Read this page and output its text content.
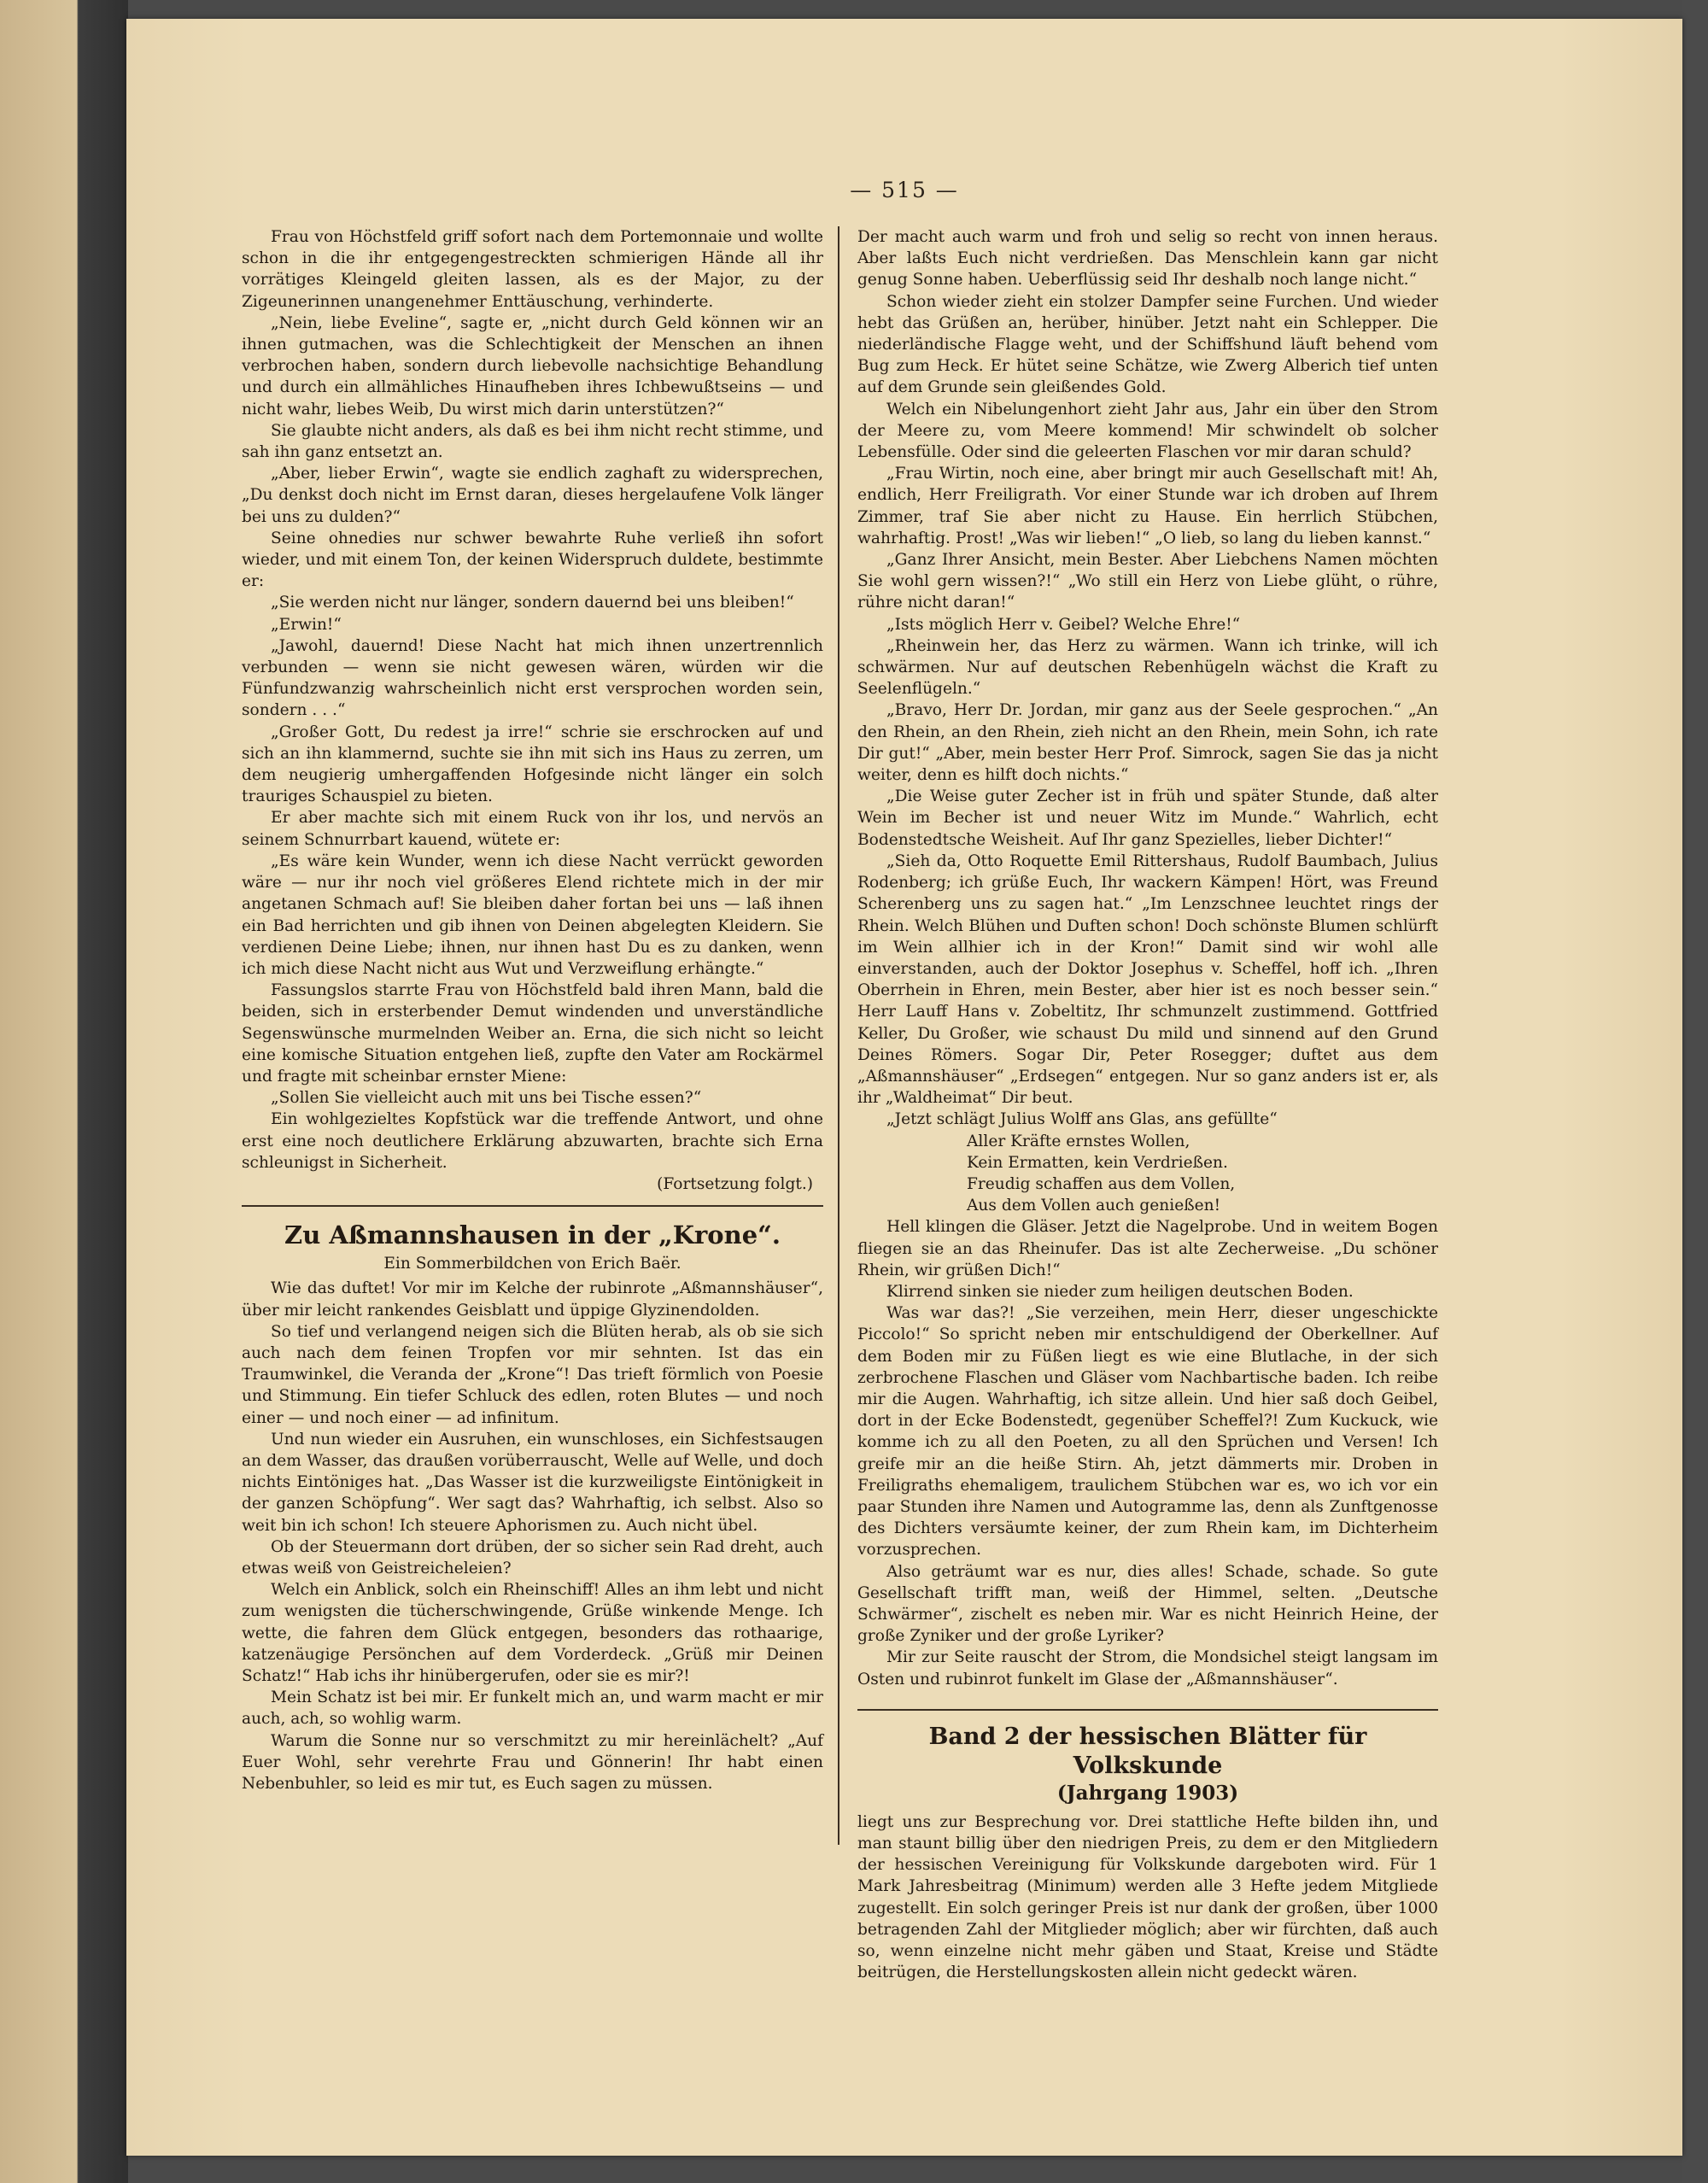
— 515 —

Frau von Höchstfeld griff sofort nach dem Portemonnaie und wollte schon in die ihr entgegengestreckten schmierigen Hände all ihr vorrätiges Kleingeld gleiten lassen, als es der Major, zu der Zigeunerinnen unangenehmer Enttäuschung, verhinderte.

„Nein, liebe Eveline“, sagte er, „nicht durch Geld können wir an ihnen gutmachen, was die Schlechtigkeit der Menschen an ihnen verbrochen haben, sondern durch liebevolle nachsichtige Behandlung und durch ein allmähliches Hinaufheben ihres Ichbewußtseins — und nicht wahr, liebes Weib, Du wirst mich darin unterstützen?“

Sie glaubte nicht anders, als daß es bei ihm nicht recht stimme, und sah ihn ganz entsetzt an.

„Aber, lieber Erwin“, wagte sie endlich zaghaft zu widersprechen, „Du denkst doch nicht im Ernst daran, dieses hergelaufene Volk länger bei uns zu dulden?“

Seine ohnedies nur schwer bewahrte Ruhe verließ ihn sofort wieder, und mit einem Ton, der keinen Widerspruch duldete, bestimmte er:

„Sie werden nicht nur länger, sondern dauernd bei uns bleiben!“

„Erwin!“

„Jawohl, dauernd! Diese Nacht hat mich ihnen unzertrennlich verbunden — wenn sie nicht gewesen wären, würden wir die Fünfundzwanzig wahrscheinlich nicht erst versprochen worden sein, sondern . . .“

„Großer Gott, Du redest ja irre!“ schrie sie erschrocken auf und sich an ihn klammernd, suchte sie ihn mit sich ins Haus zu zerren, um dem neugierig umhergaffenden Hofgesinde nicht länger ein solch trauriges Schauspiel zu bieten.

Er aber machte sich mit einem Ruck von ihr los, und nervös an seinem Schnurrbart kauend, wütete er:

„Es wäre kein Wunder, wenn ich diese Nacht verrückt geworden wäre — nur ihr noch viel größeres Elend richtete mich in der mir angetanen Schmach auf! Sie bleiben daher fortan bei uns — laß ihnen ein Bad herrichten und gib ihnen von Deinen abgelegten Kleidern. Sie verdienen Deine Liebe; ihnen, nur ihnen hast Du es zu danken, wenn ich mich diese Nacht nicht aus Wut und Verzweiflung erhängte.“

Fassungslos starrte Frau von Höchstfeld bald ihren Mann, bald die beiden, sich in ersterbender Demut windenden und unverständliche Segenswünsche murmelnden Weiber an. Erna, die sich nicht so leicht eine komische Situation entgehen ließ, zupfte den Vater am Rockärmel und fragte mit scheinbar ernster Miene:

„Sollen Sie vielleicht auch mit uns bei Tische essen?“

Ein wohlgezieltes Kopfstück war die treffende Antwort, und ohne erst eine noch deutlichere Erklärung abzuwarten, brachte sich Erna schleunigst in Sicherheit.

(Fortsetzung folgt.)

Zu Aßmannshausen in der „Krone“.
Ein Sommerbildchen von Erich Baër.

Wie das duftet! Vor mir im Kelche der rubinrote „Aßmannshäuser“, über mir leicht rankendes Geisblatt und üppige Glyzinendolden.

So tief und verlangend neigen sich die Blüten herab, als ob sie sich auch nach dem feinen Tropfen vor mir sehnten. Ist das ein Traumwinkel, die Veranda der „Krone“! Das trieft förmlich von Poesie und Stimmung. Ein tiefer Schluck des edlen, roten Blutes — und noch einer — und noch einer — ad infinitum.

Und nun wieder ein Ausruhen, ein wunschloses, ein Sichfestsaugen an dem Wasser, das draußen vorüberrauscht, Welle auf Welle, und doch nichts Eintöniges hat. „Das Wasser ist die kurzweiligste Eintönigkeit in der ganzen Schöpfung“. Wer sagt das? Wahrhaftig, ich selbst. Also so weit bin ich schon! Ich steuere Aphorismen zu. Auch nicht übel.

Ob der Steuermann dort drüben, der so sicher sein Rad dreht, auch etwas weiß von Geistreicheleien?

Welch ein Anblick, solch ein Rheinschiff! Alles an ihm lebt und nicht zum wenigsten die tücherschwingende, Grüße winkende Menge. Ich wette, die fahren dem Glück entgegen, besonders das rothaarige, katzenäugige Persönchen auf dem Vorderdeck. „Grüß mir Deinen Schatz!“ Hab ichs ihr hinübergerufen, oder sie es mir?!

Mein Schatz ist bei mir. Er funkelt mich an, und warm macht er mir auch, ach, so wohlig warm.

Warum die Sonne nur so verschmitzt zu mir hereinlächelt? „Auf Euer Wohl, sehr verehrte Frau und Gönnerin! Ihr habt einen Nebenbuhler, so leid es mir tut, es Euch sagen zu müssen.

Der macht auch warm und froh und selig so recht von innen heraus. Aber laßts Euch nicht verdrießen. Das Menschlein kann gar nicht genug Sonne haben. Ueberflüssig seid Ihr deshalb noch lange nicht.“

Schon wieder zieht ein stolzer Dampfer seine Furchen. Und wieder hebt das Grüßen an, herüber, hinüber. Jetzt naht ein Schlepper. Die niederländische Flagge weht, und der Schiffshund läuft behend vom Bug zum Heck. Er hütet seine Schätze, wie Zwerg Alberich tief unten auf dem Grunde sein gleißendes Gold.

Welch ein Nibelungenhort zieht Jahr aus, Jahr ein über den Strom der Meere zu, vom Meere kommend! Mir schwindelt ob solcher Lebensfülle. Oder sind die geleerten Flaschen vor mir daran schuld?

„Frau Wirtin, noch eine, aber bringt mir auch Gesellschaft mit! Ah, endlich, Herr Freiligrath. Vor einer Stunde war ich droben auf Ihrem Zimmer, traf Sie aber nicht zu Hause. Ein herrlich Stübchen, wahrhaftig. Prost! „Was wir lieben!“ „O lieb, so lang du lieben kannst.“

„Ganz Ihrer Ansicht, mein Bester. Aber Liebchens Namen möchten Sie wohl gern wissen?!“ „Wo still ein Herz von Liebe glüht, o rühre, rühre nicht daran!“

„Ists möglich Herr v. Geibel? Welche Ehre!“

„Rheinwein her, das Herz zu wärmen. Wann ich trinke, will ich schwärmen. Nur auf deutschen Rebenhügeln wächst die Kraft zu Seelenflügeln.“

„Bravo, Herr Dr. Jordan, mir ganz aus der Seele gesprochen.“ „An den Rhein, an den Rhein, zieh nicht an den Rhein, mein Sohn, ich rate Dir gut!“ „Aber, mein bester Herr Prof. Simrock, sagen Sie das ja nicht weiter, denn es hilft doch nichts.“

„Die Weise guter Zecher ist in früh und später Stunde, daß alter Wein im Becher ist und neuer Witz im Munde.“ Wahrlich, echt Bodenstedtsche Weisheit. Auf Ihr ganz Spezielles, lieber Dichter!“

„Sieh da, Otto Roquette Emil Rittershaus, Rudolf Baumbach, Julius Rodenberg; ich grüße Euch, Ihr wackern Kämpen! Hört, was Freund Scherenberg uns zu sagen hat.“ „Im Lenzschnee leuchtet rings der Rhein. Welch Blühen und Duften schon! Doch schönste Blumen schlürft im Wein allhier ich in der Kron!“ Damit sind wir wohl alle einverstanden, auch der Doktor Josephus v. Scheffel, hoff ich. „Ihren Oberrhein in Ehren, mein Bester, aber hier ist es noch besser sein.“ Herr Lauff Hans v. Zobeltitz, Ihr schmunzelt zustimmend. Gottfried Keller, Du Großer, wie schaust Du mild und sinnend auf den Grund Deines Römers. Sogar Dir, Peter Rosegger; duftet aus dem „Aßmannshäuser“ „Erdsegen“ entgegen. Nur so ganz anders ist er, als ihr „Waldheimat“ Dir beut.

„Jetzt schlägt Julius Wolff ans Glas, ans gefüllte“

Aller Kräfte ernstes Wollen,
Kein Ermatten, kein Verdrießen.
Freudig schaffen aus dem Vollen,
Aus dem Vollen auch genießen!

Hell klingen die Gläser. Jetzt die Nagelprobe. Und in weitem Bogen fliegen sie an das Rheinufer. Das ist alte Zecherweise. „Du schöner Rhein, wir grüßen Dich!“

Klirrend sinken sie nieder zum heiligen deutschen Boden.

Was war das?! „Sie verzeihen, mein Herr, dieser ungeschickte Piccolo!“ So spricht neben mir entschuldigend der Oberkellner. Auf dem Boden mir zu Füßen liegt es wie eine Blutlache, in der sich zerbrochene Flaschen und Gläser vom Nachbartische baden. Ich reibe mir die Augen. Wahrhaftig, ich sitze allein. Und hier saß doch Geibel, dort in der Ecke Bodenstedt, gegenüber Scheffel?! Zum Kuckuck, wie komme ich zu all den Poeten, zu all den Sprüchen und Versen! Ich greife mir an die heiße Stirn. Ah, jetzt dämmerts mir. Droben in Freiligraths ehemaligem, traulichem Stübchen war es, wo ich vor ein paar Stunden ihre Namen und Autogramme las, denn als Zunftgenosse des Dichters versäumte keiner, der zum Rhein kam, im Dichterheim vorzusprechen.

Also geträumt war es nur, dies alles! Schade, schade. So gute Gesellschaft trifft man, weiß der Himmel, selten. „Deutsche Schwärmer“, zischelt es neben mir. War es nicht Heinrich Heine, der große Zyniker und der große Lyriker?

Mir zur Seite rauscht der Strom, die Mondsichel steigt langsam im Osten und rubinrot funkelt im Glase der „Aßmannshäuser“.

Band 2 der hessischen Blätter für Volkskunde
(Jahrgang 1903)

liegt uns zur Besprechung vor. Drei stattliche Hefte bilden ihn, und man staunt billig über den niedrigen Preis, zu dem er den Mitgliedern der hessischen Vereinigung für Volkskunde dargeboten wird. Für 1 Mark Jahresbeitrag (Minimum) werden alle 3 Hefte jedem Mitgliede zugestellt. Ein solch geringer Preis ist nur dank der großen, über 1000 betragenden Zahl der Mitglieder möglich; aber wir fürchten, daß auch so, wenn einzelne nicht mehr gäben und Staat, Kreise und Städte beitrügen, die Herstellungskosten allein nicht gedeckt wären.
